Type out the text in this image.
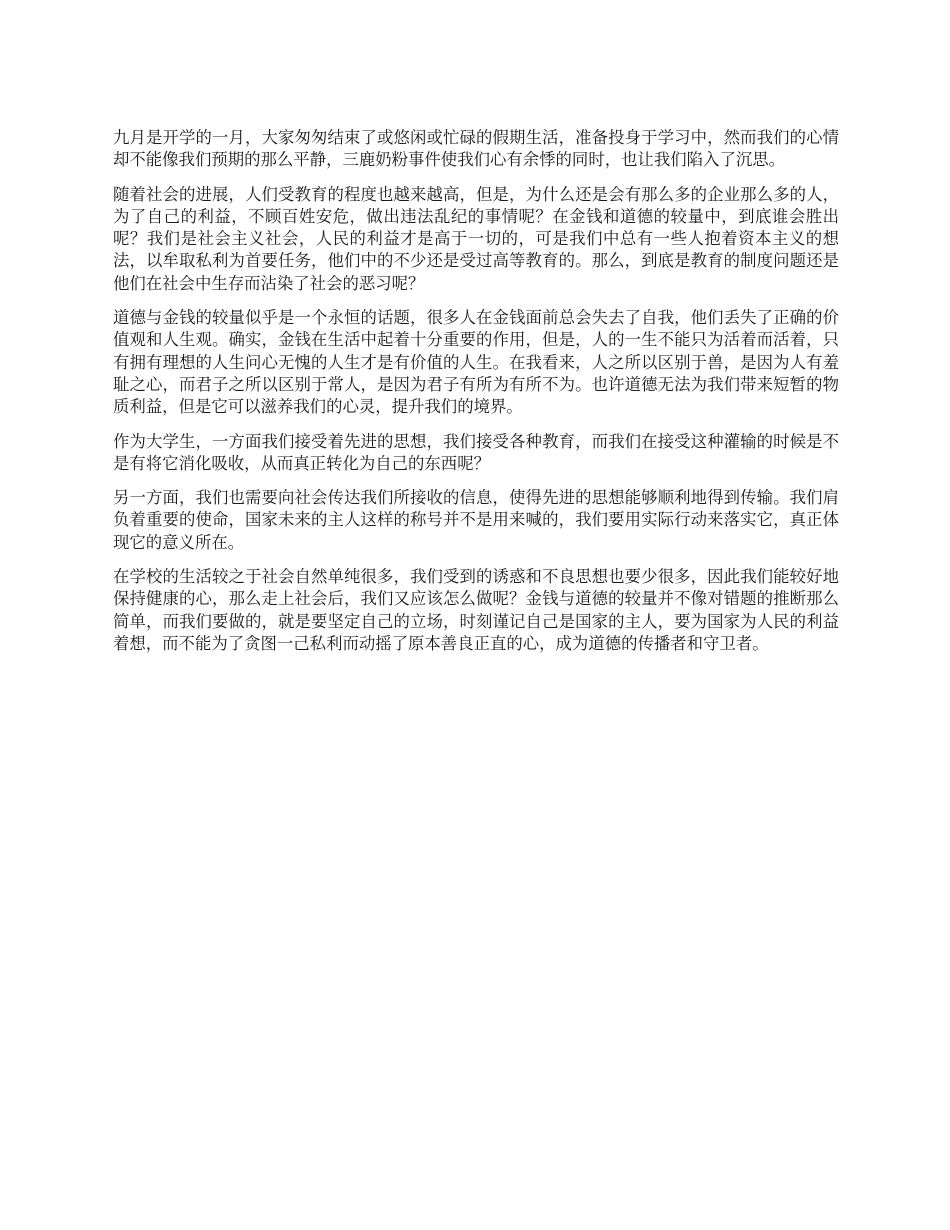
九月是开学的一月，大家匆匆结束了或悠闲或忙碌的假期生活，准备投身于学习中，然而我们的心情却不能像我们预期的那么平静，三鹿奶粉事件使我们心有余悸的同时，也让我们陷入了沉思。

随着社会的进展，人们受教育的程度也越来越高，但是，为什么还是会有那么多的企业那么多的人，为了自己的利益，不顾百姓安危，做出违法乱纪的事情呢？在金钱和道德的较量中，到底谁会胜出呢？我们是社会主义社会，人民的利益才是高于一切的，可是我们中总有一些人抱着资本主义的想法，以牟取私利为首要任务，他们中的不少还是受过高等教育的。那么，到底是教育的制度问题还是他们在社会中生存而沾染了社会的恶习呢？

道德与金钱的较量似乎是一个永恒的话题，很多人在金钱面前总会失去了自我，他们丢失了正确的价值观和人生观。确实，金钱在生活中起着十分重要的作用，但是，人的一生不能只为活着而活着，只有拥有理想的人生问心无愧的人生才是有价值的人生。在我看来，人之所以区别于兽，是因为人有羞耻之心，而君子之所以区别于常人，是因为君子有所为有所不为。也许道德无法为我们带来短暂的物质利益，但是它可以滋养我们的心灵，提升我们的境界。

作为大学生，一方面我们接受着先进的思想，我们接受各种教育，而我们在接受这种灌输的时候是不是有将它消化吸收，从而真正转化为自己的东西呢？

另一方面，我们也需要向社会传达我们所接收的信息，使得先进的思想能够顺利地得到传输。我们肩负着重要的使命，国家未来的主人这样的称号并不是用来喊的，我们要用实际行动来落实它，真正体现它的意义所在。

在学校的生活较之于社会自然单纯很多，我们受到的诱惑和不良思想也要少很多，因此我们能较好地保持健康的心，那么走上社会后，我们又应该怎么做呢？金钱与道德的较量并不像对错题的推断那么简单，而我们要做的，就是要坚定自己的立场，时刻谨记自己是国家的主人，要为国家为人民的利益着想，而不能为了贪图一己私利而动摇了原本善良正直的心，成为道德的传播者和守卫者。
